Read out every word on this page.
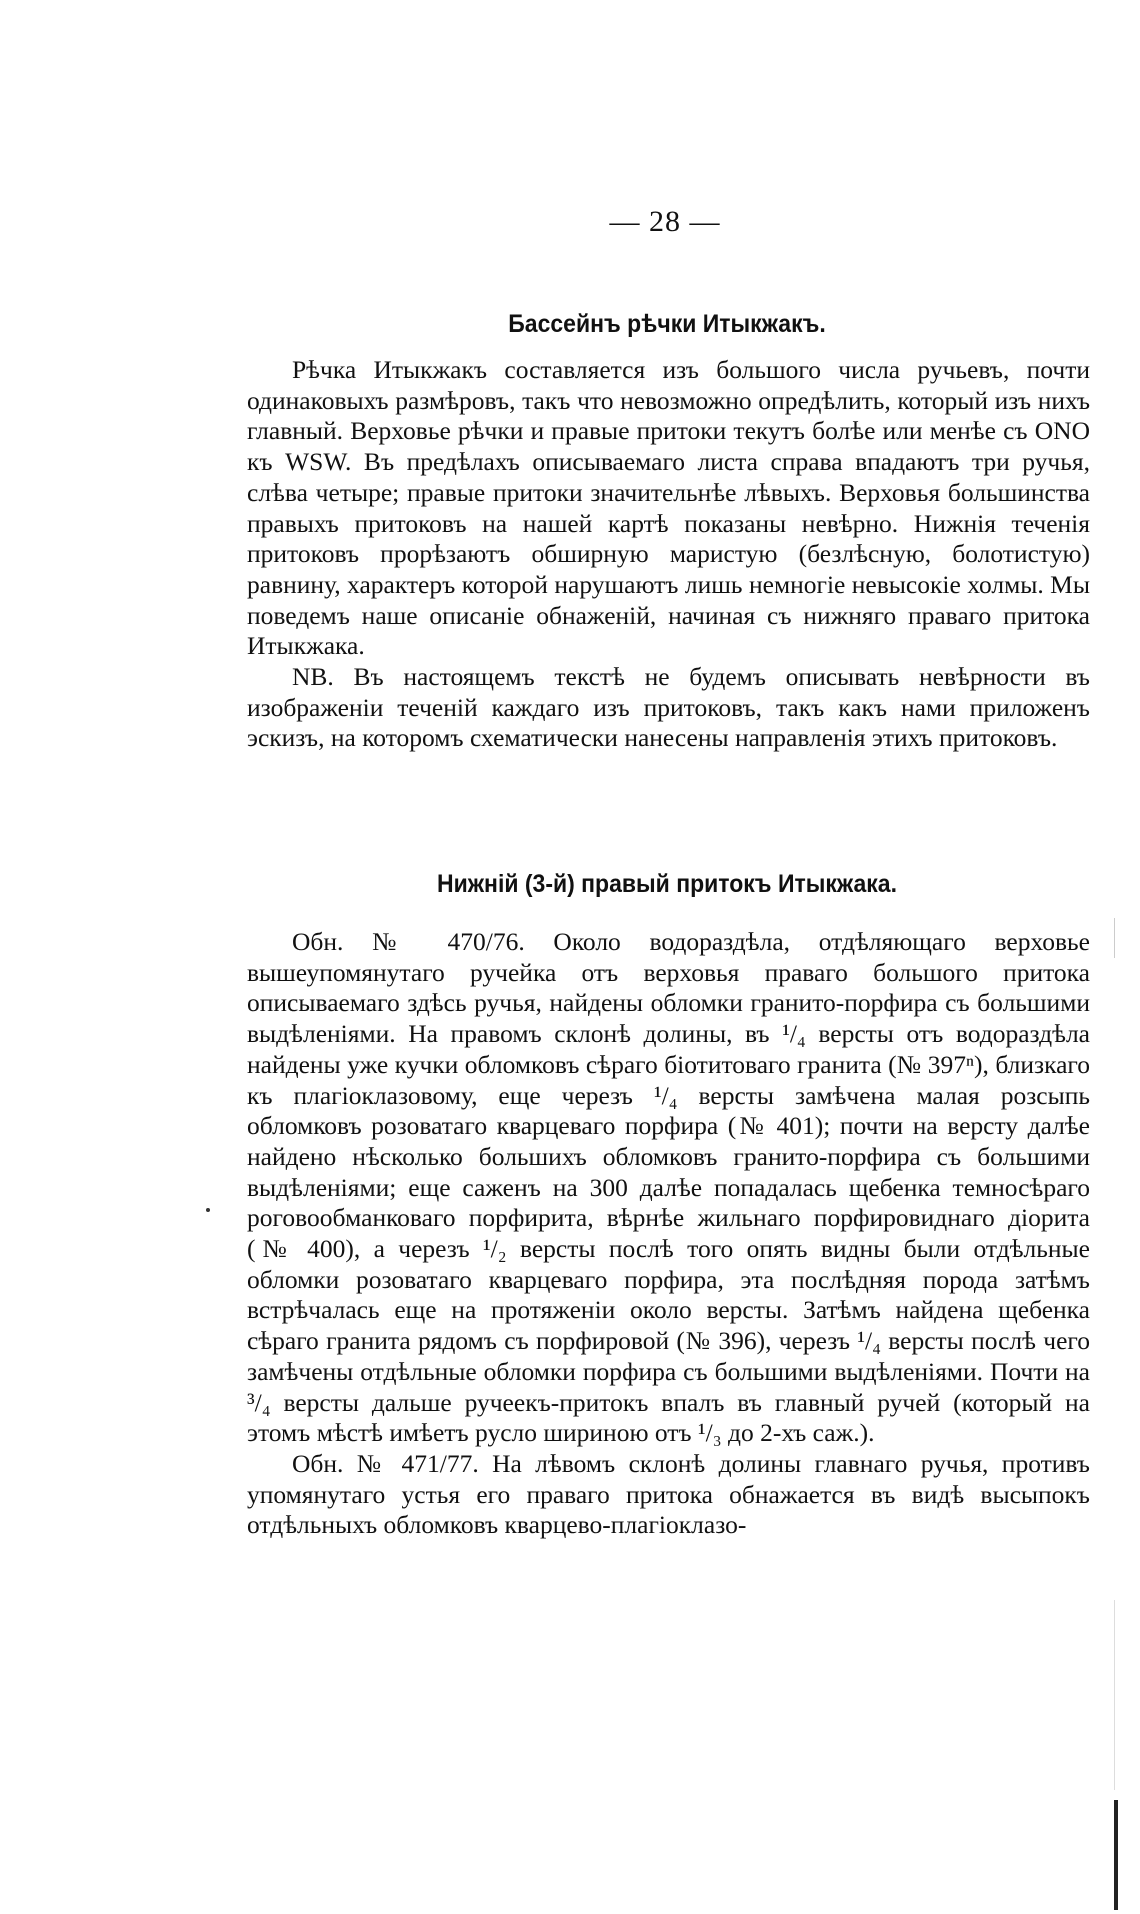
— 28 —
Бассейнъ рѣчки Итыкжакъ.

Рѣчка Итыкжакъ составляется изъ большого числа ручьевъ, почти одинаковыхъ размѣровъ, такъ что невозможно опредѣлить, который изъ нихъ главный. Верховье рѣчки и правые притоки текутъ болѣе или менѣе съ ONO къ WSW. Въ предѣлахъ описываемаго листа справа впадаютъ три ручья, слѣва четыре; правые притоки значительнѣе лѣвыхъ. Верховья большинства правыхъ притоковъ на нашей картѣ показаны невѣрно. Нижнія теченія притоковъ прорѣзаютъ обширную маристую (безлѣсную, болотистую) равнину, характеръ которой нарушаютъ лишь немногіе невысокіе холмы. Мы поведемъ наше описаніе обнаженій, начиная съ нижняго праваго притока Итыкжака.

NB. Въ настоящемъ текстѣ не будемъ описывать невѣрности въ изображеніи теченій каждаго изъ притоковъ, такъ какъ нами приложенъ эскизъ, на которомъ схематически нанесены направленія этихъ притоковъ.

Нижній (3-й) правый притокъ Итыкжака.

Обн. № 470/76. Около водораздѣла, отдѣляющаго верховье вышеупомянутаго ручейка отъ верховья праваго большого притока описываемаго здѣсь ручья, найдены обломки гранито-порфира съ большими выдѣленіями. На правомъ склонѣ долины, въ ¹/₄ версты отъ водораздѣла найдены уже кучки обломковъ сѣраго біотитоваго гранита (№ 397ⁿ), близкаго къ плагіоклазовому, еще черезъ ¹/₄ версты замѣчена малая розсыпь обломковъ розоватаго кварцеваго порфира (№ 401); почти на версту далѣе найдено нѣсколько большихъ обломковъ гранито-порфира съ большими выдѣленіями; еще саженъ на 300 далѣе попадалась щебенка темносѣраго роговообманковаго порфирита, вѣрнѣе жильнаго порфировиднаго діорита (№ 400), а черезъ ¹/₂ версты послѣ того опять видны были отдѣльные обломки розоватаго кварцеваго порфира, эта послѣдняя порода затѣмъ встрѣчалась еще на протяженіи около версты. Затѣмъ найдена щебенка сѣраго гранита рядомъ съ порфировой (№ 396), черезъ ¹/₄ версты послѣ чего замѣчены отдѣльные обломки порфира съ большими выдѣленіями. Почти на ³/₄ версты дальше ручеекъ-притокъ впалъ въ главный ручей (который на этомъ мѣстѣ имѣетъ русло шириною отъ ¹/₃ до 2-хъ саж.).

Обн. № 471/77. На лѣвомъ склонѣ долины главнаго ручья, противъ упомянутаго устья его праваго притока обнажается въ видѣ высыпокъ отдѣльныхъ обломковъ кварцево-плагіоклазо-
